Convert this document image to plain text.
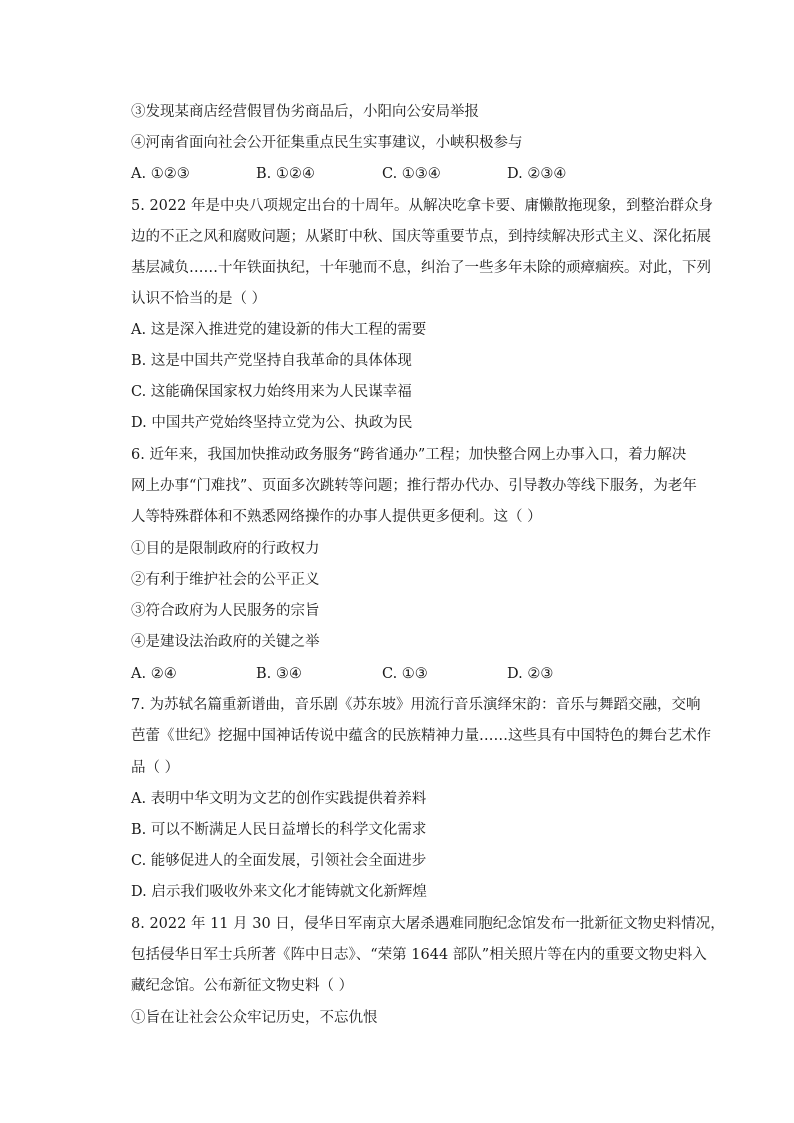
③发现某商店经营假冒伪劣商品后，小阳向公安局举报
④河南省面向社会公开征集重点民生实事建议，小峡积极参与
A. ①②③	B. ①②④	C. ①③④	D. ②③④
5. 2022 年是中央八项规定出台的十周年。从解决吃拿卡要、庸懒散拖现象，到整治群众身
边的不正之风和腐败问题；从紧盯中秋、国庆等重要节点，到持续解决形式主义、深化拓展
基层减负……十年铁面执纪，十年驰而不息，纠治了一些多年未除的顽瘴痼疾。对此，下列
认识不恰当的是（ ）
A. 这是深入推进党的建设新的伟大工程的需要
B. 这是中国共产党坚持自我革命的具体体现
C. 这能确保国家权力始终用来为人民谋幸福
D. 中国共产党始终坚持立党为公、执政为民
6. 近年来，我国加快推动政务服务“跨省通办”工程；加快整合网上办事入口，着力解决
网上办事“门难找”、页面多次跳转等问题；推行帮办代办、引导教办等线下服务，为老年
人等特殊群体和不熟悉网络操作的办事人提供更多便利。这（ ）
①目的是限制政府的行政权力
②有利于维护社会的公平正义
③符合政府为人民服务的宗旨
④是建设法治政府的关键之举
A. ②④	B. ③④	C. ①③	D. ②③
7. 为苏轼名篇重新谱曲，音乐剧《苏东坡》用流行音乐演绎宋韵：音乐与舞蹈交融，交响
芭蕾《世纪》挖掘中国神话传说中蕴含的民族精神力量……这些具有中国特色的舞台艺术作
品（ ）
A. 表明中华文明为文艺的创作实践提供着养料
B. 可以不断满足人民日益增长的科学文化需求
C. 能够促进人的全面发展，引领社会全面进步
D. 启示我们吸收外来文化才能铸就文化新辉煌
8. 2022 年 11 月 30 日，侵华日军南京大屠杀遇难同胞纪念馆发布一批新征文物史料情况，
包括侵华日军士兵所著《阵中日志》、“荣第 1644 部队”相关照片等在内的重要文物史料入
藏纪念馆。公布新征文物史料（ ）
①旨在让社会公众牢记历史，不忘仇恨
